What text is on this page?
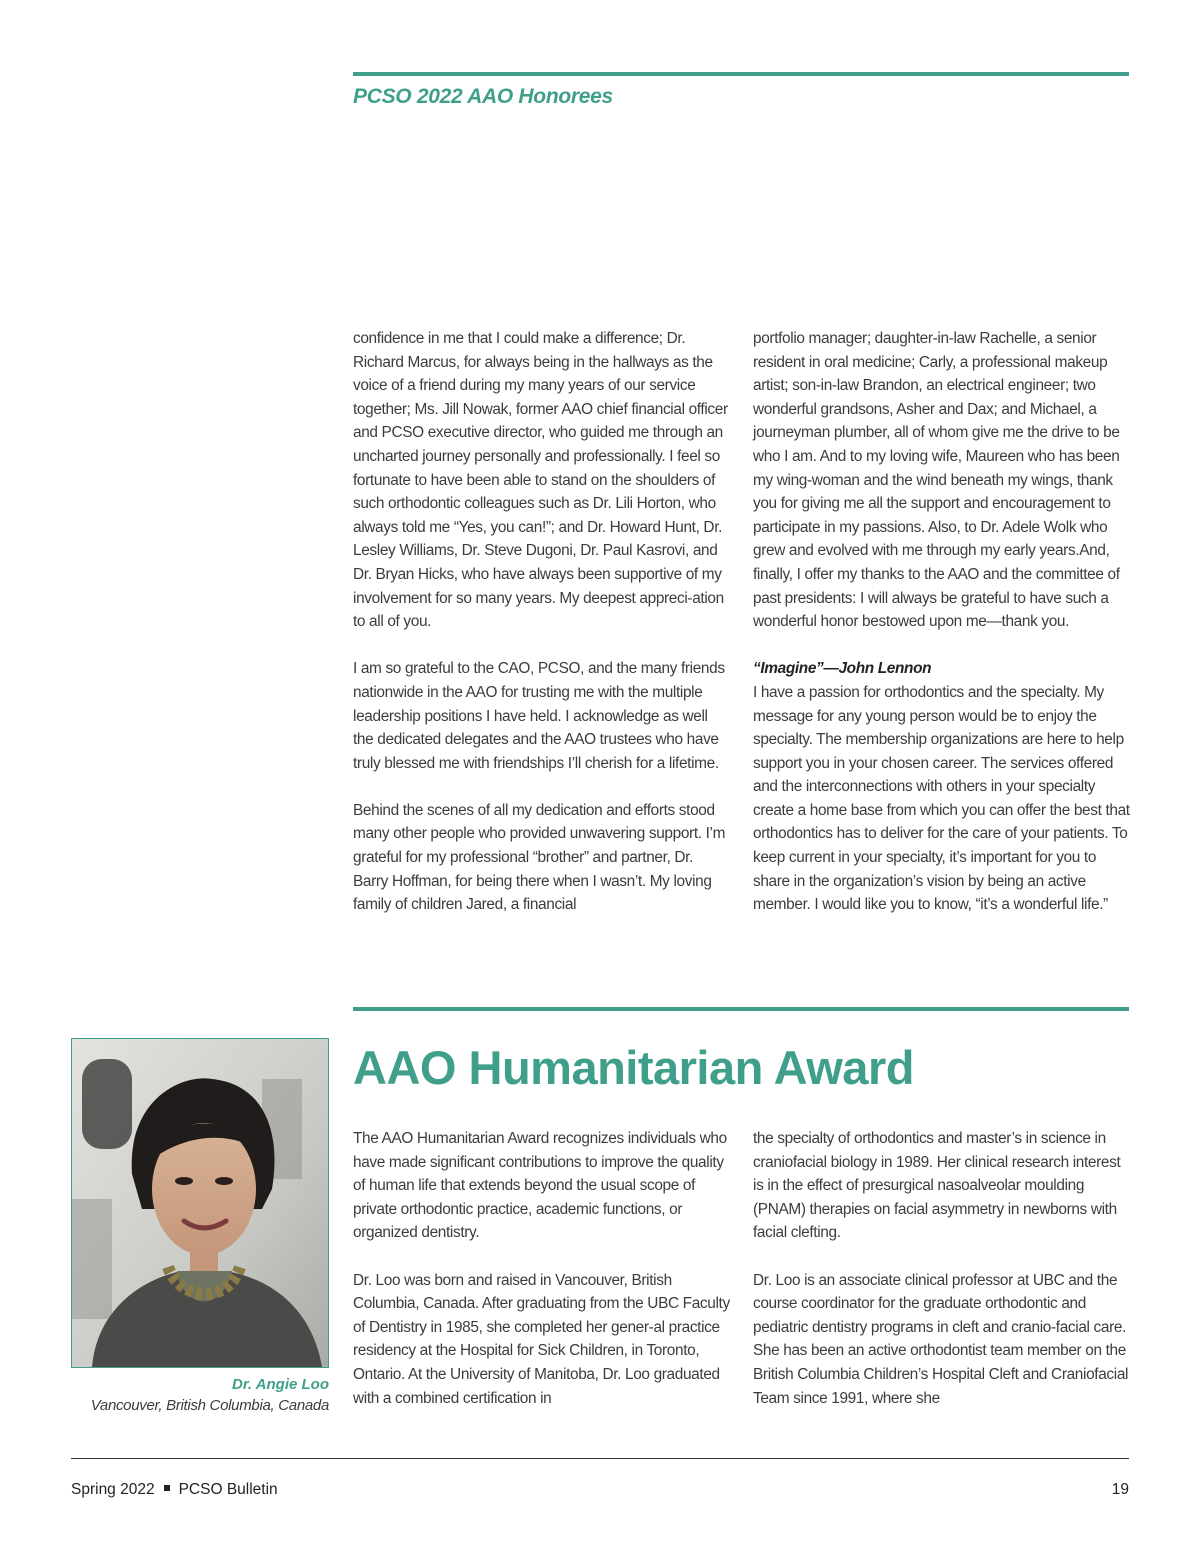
PCSO 2022 AAO Honorees

confidence in me that I could make a difference; Dr. Richard Marcus, for always being in the hallways as the voice of a friend during my many years of our service together; Ms. Jill Nowak, former AAO chief financial officer and PCSO executive director, who guided me through an uncharted journey personally and professionally. I feel so fortunate to have been able to stand on the shoulders of such orthodontic colleagues such as Dr. Lili Horton, who always told me “Yes, you can!”; and Dr. Howard Hunt, Dr. Lesley Williams, Dr. Steve Dugoni, Dr. Paul Kasrovi, and Dr. Bryan Hicks, who have always been supportive of my involvement for so many years. My deepest appreci-ation to all of you.

I am so grateful to the CAO, PCSO, and the many friends nationwide in the AAO for trusting me with the multiple leadership positions I have held. I acknowledge as well the dedicated delegates and the AAO trustees who have truly blessed me with friendships I’ll cherish for a lifetime.

Behind the scenes of all my dedication and efforts stood many other people who provided unwavering support. I’m grateful for my professional “brother” and partner, Dr. Barry Hoffman, for being there when I wasn’t. My loving family of children Jared, a financial

portfolio manager; daughter-in-law Rachelle, a senior resident in oral medicine; Carly, a professional makeup artist; son-in-law Brandon, an electrical engineer; two wonderful grandsons, Asher and Dax; and Michael, a journeyman plumber, all of whom give me the drive to be who I am. And to my loving wife, Maureen who has been my wing-woman and the wind beneath my wings, thank you for giving me all the support and encouragement to participate in my passions. Also, to Dr. Adele Wolk who grew and evolved with me through my early years.And, finally, I offer my thanks to the AAO and the committee of past presidents: I will always be grateful to have such a wonderful honor bestowed upon me—thank you.

“Imagine”—John Lennon
I have a passion for orthodontics and the specialty. My message for any young person would be to enjoy the specialty. The membership organizations are here to help support you in your chosen career. The services offered and the interconnections with others in your specialty create a home base from which you can offer the best that orthodontics has to deliver for the care of your patients. To keep current in your specialty, it’s important for you to share in the organization’s vision by being an active member. I would like you to know, “it’s a wonderful life.”

AAO Humanitarian Award
Dr. Angie Loo
Vancouver, British Columbia, Canada

The AAO Humanitarian Award recognizes individuals who have made significant contributions to improve the quality of human life that extends beyond the usual scope of private orthodontic practice, academic functions, or organized dentistry.

Dr. Loo was born and raised in Vancouver, British Columbia, Canada. After graduating from the UBC Faculty of Dentistry in 1985, she completed her gener-al practice residency at the Hospital for Sick Children, in Toronto, Ontario. At the University of Manitoba, Dr. Loo graduated with a combined certification in

the specialty of orthodontics and master’s in science in craniofacial biology in 1989. Her clinical research interest is in the effect of presurgical nasoalveolar moulding (PNAM) therapies on facial asymmetry in newborns with facial clefting.

Dr. Loo is an associate clinical professor at UBC and the course coordinator for the graduate orthodontic and pediatric dentistry programs in cleft and cranio-facial care. She has been an active orthodontist team member on the British Columbia Children’s Hospital Cleft and Craniofacial Team since 1991, where she

Spring 2022 PCSO Bulletin	19
